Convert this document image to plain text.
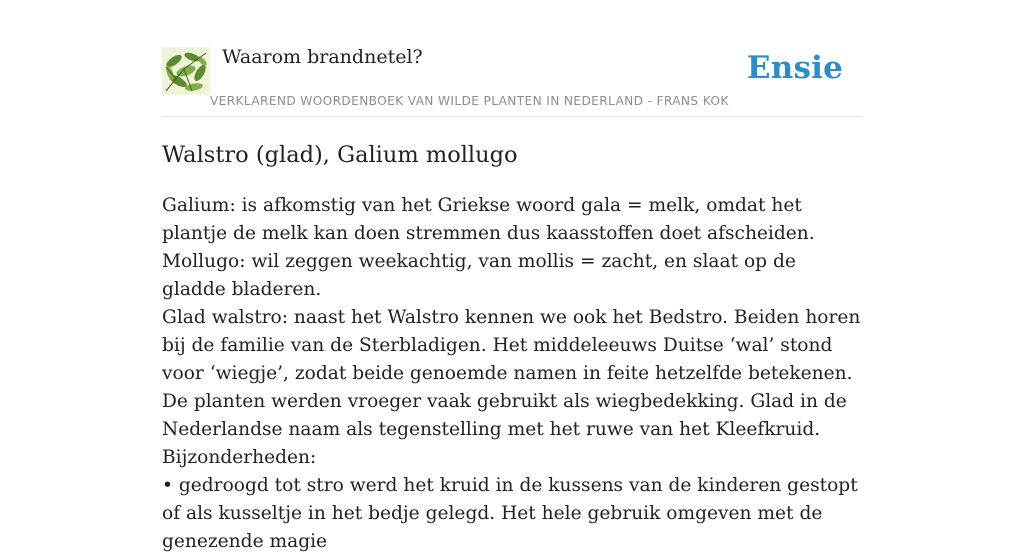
Waarom brandnetel?
VERKLAREND WOORDENBOEK VAN WILDE PLANTEN IN NEDERLAND - FRANS KOK
Ensie
Walstro (glad), Galium mollugo

Galium: is afkomstig van het Griekse woord gala = melk, omdat het plantje de melk kan doen stremmen dus kaasstoffen doet afscheiden.

Mollugo: wil zeggen weekachtig, van mollis = zacht, en slaat op de gladde bladeren.

Glad walstro: naast het Walstro kennen we ook het Bedstro. Beiden horen bij de familie van de Sterbladigen. Het middeleeuws Duitse ‘wal’ stond voor ‘wiegje’, zodat beide genoemde namen in feite hetzelfde betekenen. De planten werden vroeger vaak gebruikt als wiegbedekking. Glad in de Nederlandse naam als tegenstelling met het ruwe van het Kleefkruid.

Bijzonderheden:

• gedroogd tot stro werd het kruid in de kussens van de kinderen gestopt of als kusseltje in het bedje gelegd. Het hele gebruik omgeven met de genezende magie
